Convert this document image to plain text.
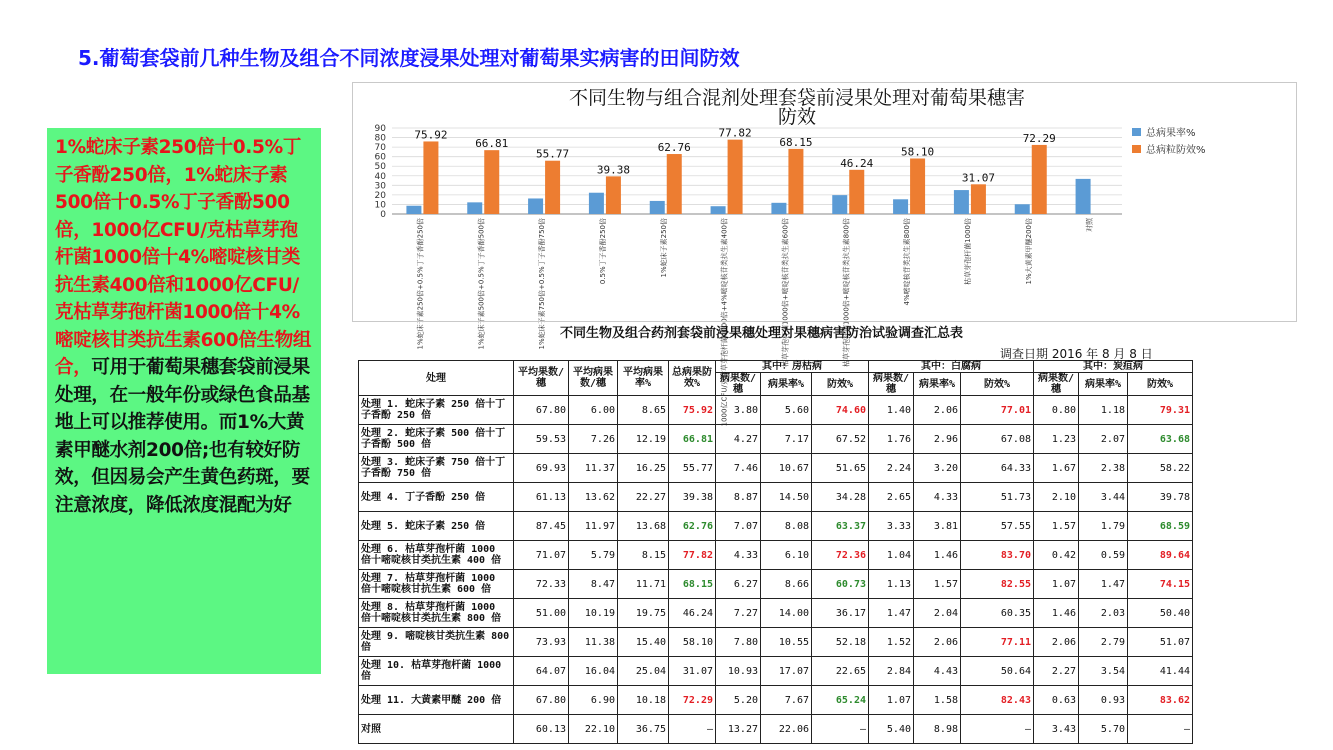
5.葡萄套袋前几种生物及组合不同浓度浸果处理对葡萄果实病害的田间防效

1%蛇床子素250倍十0.5%丁子香酚250倍，1%蛇床子素500倍十0.5%丁子香酚500倍，1000亿CFU/克枯草芽孢杆菌1000倍十4%嘧啶核甘类抗生素400倍和1000亿CFU/克枯草芽孢杆菌1000倍十4%嘧啶核甘类抗生素600倍生物组合，可用于葡萄果穗套袋前浸果处理，在一般年份或绿色食品基地上可以推荐使用。而1%大黄素甲醚水剂200倍;也有较好防效，但因易会产生黄色药斑，要注意浓度，降低浓度混配为好

不同生物与组合混剂处理套袋前浸果处理对葡萄果穗害
防效
0
10
20
30
40
50
60
70
80
90	75.92
1%蛇床子素250倍+0.5%丁子香酚250倍
66.81
1%蛇床子素500倍+0.5%丁子香酚500倍
55.77
1%蛇床子素750倍+0.5%丁子香酚750倍
39.38
0.5%丁子香酚250倍
62.76
1%蛇床子素250倍
77.82
1000亿CFU/克枯草芽孢杆菌1000倍+4%嘧啶核苷类抗生素400倍
68.15
枯草芽孢杆菌1000倍+嘧啶核苷类抗生素600倍
46.24
枯草芽孢杆菌1000倍+嘧啶核苷类抗生素800倍
58.10
4%嘧啶核苷类抗生素800倍
31.07
枯草芽孢杆菌1000倍
72.29
1%大黄素甲醚200倍	对照
总病果率%
总病粒防效%
不同生物及组合药剂套袋前浸果穗处理对果穗病害防治试验调查汇总表
调查日期 2016 年 8 月 8 日
处理	平均果数/穗	平均病果数/穗	平均病果率%	总病果防效%	其中：房枯病			其中：白腐病			其中：炭疽病		
					病果数/穗	病果率%	防效%	病果数/穗	病果率%	防效%	病果数/穗	病果率%	防效%
处理 1. 蛇床子素 250 倍十丁子香酚 250 倍	67.80	6.00	8.65	75.92	3.80	5.60	74.60	1.40	2.06	77.01	0.80	1.18	79.31
处理 2. 蛇床子素 500 倍十丁子香酚 500 倍	59.53	7.26	12.19	66.81	4.27	7.17	67.52	1.76	2.96	67.08	1.23	2.07	63.68
处理 3. 蛇床子素 750 倍十丁子香酚 750 倍	69.93	11.37	16.25	55.77	7.46	10.67	51.65	2.24	3.20	64.33	1.67	2.38	58.22
处理 4. 丁子香酚 250 倍	61.13	13.62	22.27	39.38	8.87	14.50	34.28	2.65	4.33	51.73	2.10	3.44	39.78
处理 5. 蛇床子素 250 倍	87.45	11.97	13.68	62.76	7.07	8.08	63.37	3.33	3.81	57.55	1.57	1.79	68.59
处理 6. 枯草芽孢杆菌 1000 倍十嘧啶核甘类抗生素 400 倍	71.07	5.79	8.15	77.82	4.33	6.10	72.36	1.04	1.46	83.70	0.42	0.59	89.64
处理 7. 枯草芽孢杆菌 1000 倍十嘧啶核甘抗生素 600 倍	72.33	8.47	11.71	68.15	6.27	8.66	60.73	1.13	1.57	82.55	1.07	1.47	74.15
处理 8. 枯草芽孢杆菌 1000 倍十嘧啶核甘类抗生素 800 倍	51.00	10.19	19.75	46.24	7.27	14.00	36.17	1.47	2.04	60.35	1.46	2.03	50.40
处理 9. 嘧啶核甘类抗生素 800 倍	73.93	11.38	15.40	58.10	7.80	10.55	52.18	1.52	2.06	77.11	2.06	2.79	51.07
处理 10. 枯草芽孢杆菌 1000 倍	64.07	16.04	25.04	31.07	10.93	17.07	22.65	2.84	4.43	50.64	2.27	3.54	41.44
处理 11. 大黄素甲醚 200 倍	67.80	6.90	10.18	72.29	5.20	7.67	65.24	1.07	1.58	82.43	0.63	0.93	83.62
对照	60.13	22.10	36.75	—	13.27	22.06	—	5.40	8.98	—	3.43	5.70	—
